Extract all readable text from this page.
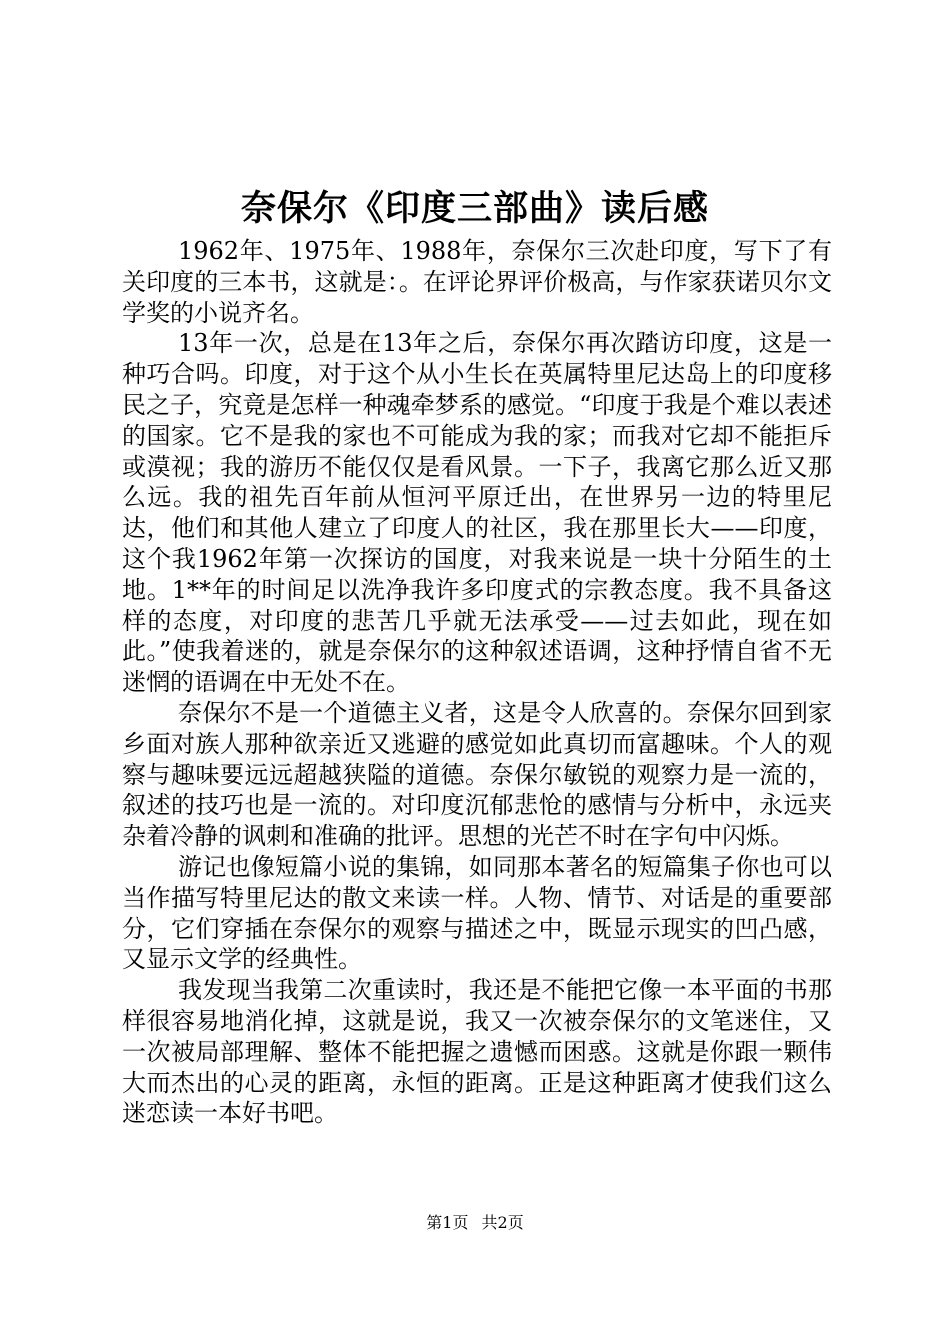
奈保尔《印度三部曲》读后感

1962年、1975年、1988年，奈保尔三次赴印度，写下了有关印度的三本书，这就是：。在评论界评价极高，与作家获诺贝尔文学奖的小说齐名。

13年一次，总是在13年之后，奈保尔再次踏访印度，这是一种巧合吗。印度，对于这个从小生长在英属特里尼达岛上的印度移民之子，究竟是怎样一种魂牵梦系的感觉。“印度于我是个难以表述的国家。它不是我的家也不可能成为我的家；而我对它却不能拒斥或漠视；我的游历不能仅仅是看风景。一下子，我离它那么近又那么远。我的祖先百年前从恒河平原迁出，在世界另一边的特里尼达，他们和其他人建立了印度人的社区，我在那里长大——印度，这个我1962年第一次探访的国度，对我来说是一块十分陌生的土地。1**年的时间足以洗净我许多印度式的宗教态度。我不具备这样的态度，对印度的悲苦几乎就无法承受——过去如此，现在如此。”使我着迷的，就是奈保尔的这种叙述语调，这种抒情自省不无迷惘的语调在中无处不在。

奈保尔不是一个道德主义者，这是令人欣喜的。奈保尔回到家乡面对族人那种欲亲近又逃避的感觉如此真切而富趣味。个人的观察与趣味要远远超越狭隘的道德。奈保尔敏锐的观察力是一流的，叙述的技巧也是一流的。对印度沉郁悲怆的感情与分析中，永远夹杂着冷静的讽刺和准确的批评。思想的光芒不时在字句中闪烁。

游记也像短篇小说的集锦，如同那本著名的短篇集子你也可以当作描写特里尼达的散文来读一样。人物、情节、对话是的重要部分，它们穿插在奈保尔的观察与描述之中，既显示现实的凹凸感，又显示文学的经典性。

我发现当我第二次重读时，我还是不能把它像一本平面的书那样很容易地消化掉，这就是说，我又一次被奈保尔的文笔迷住，又一次被局部理解、整体不能把握之遗憾而困惑。这就是你跟一颗伟大而杰出的心灵的距离，永恒的距离。正是这种距离才使我们这么迷恋读一本好书吧。

第1页 共2页
